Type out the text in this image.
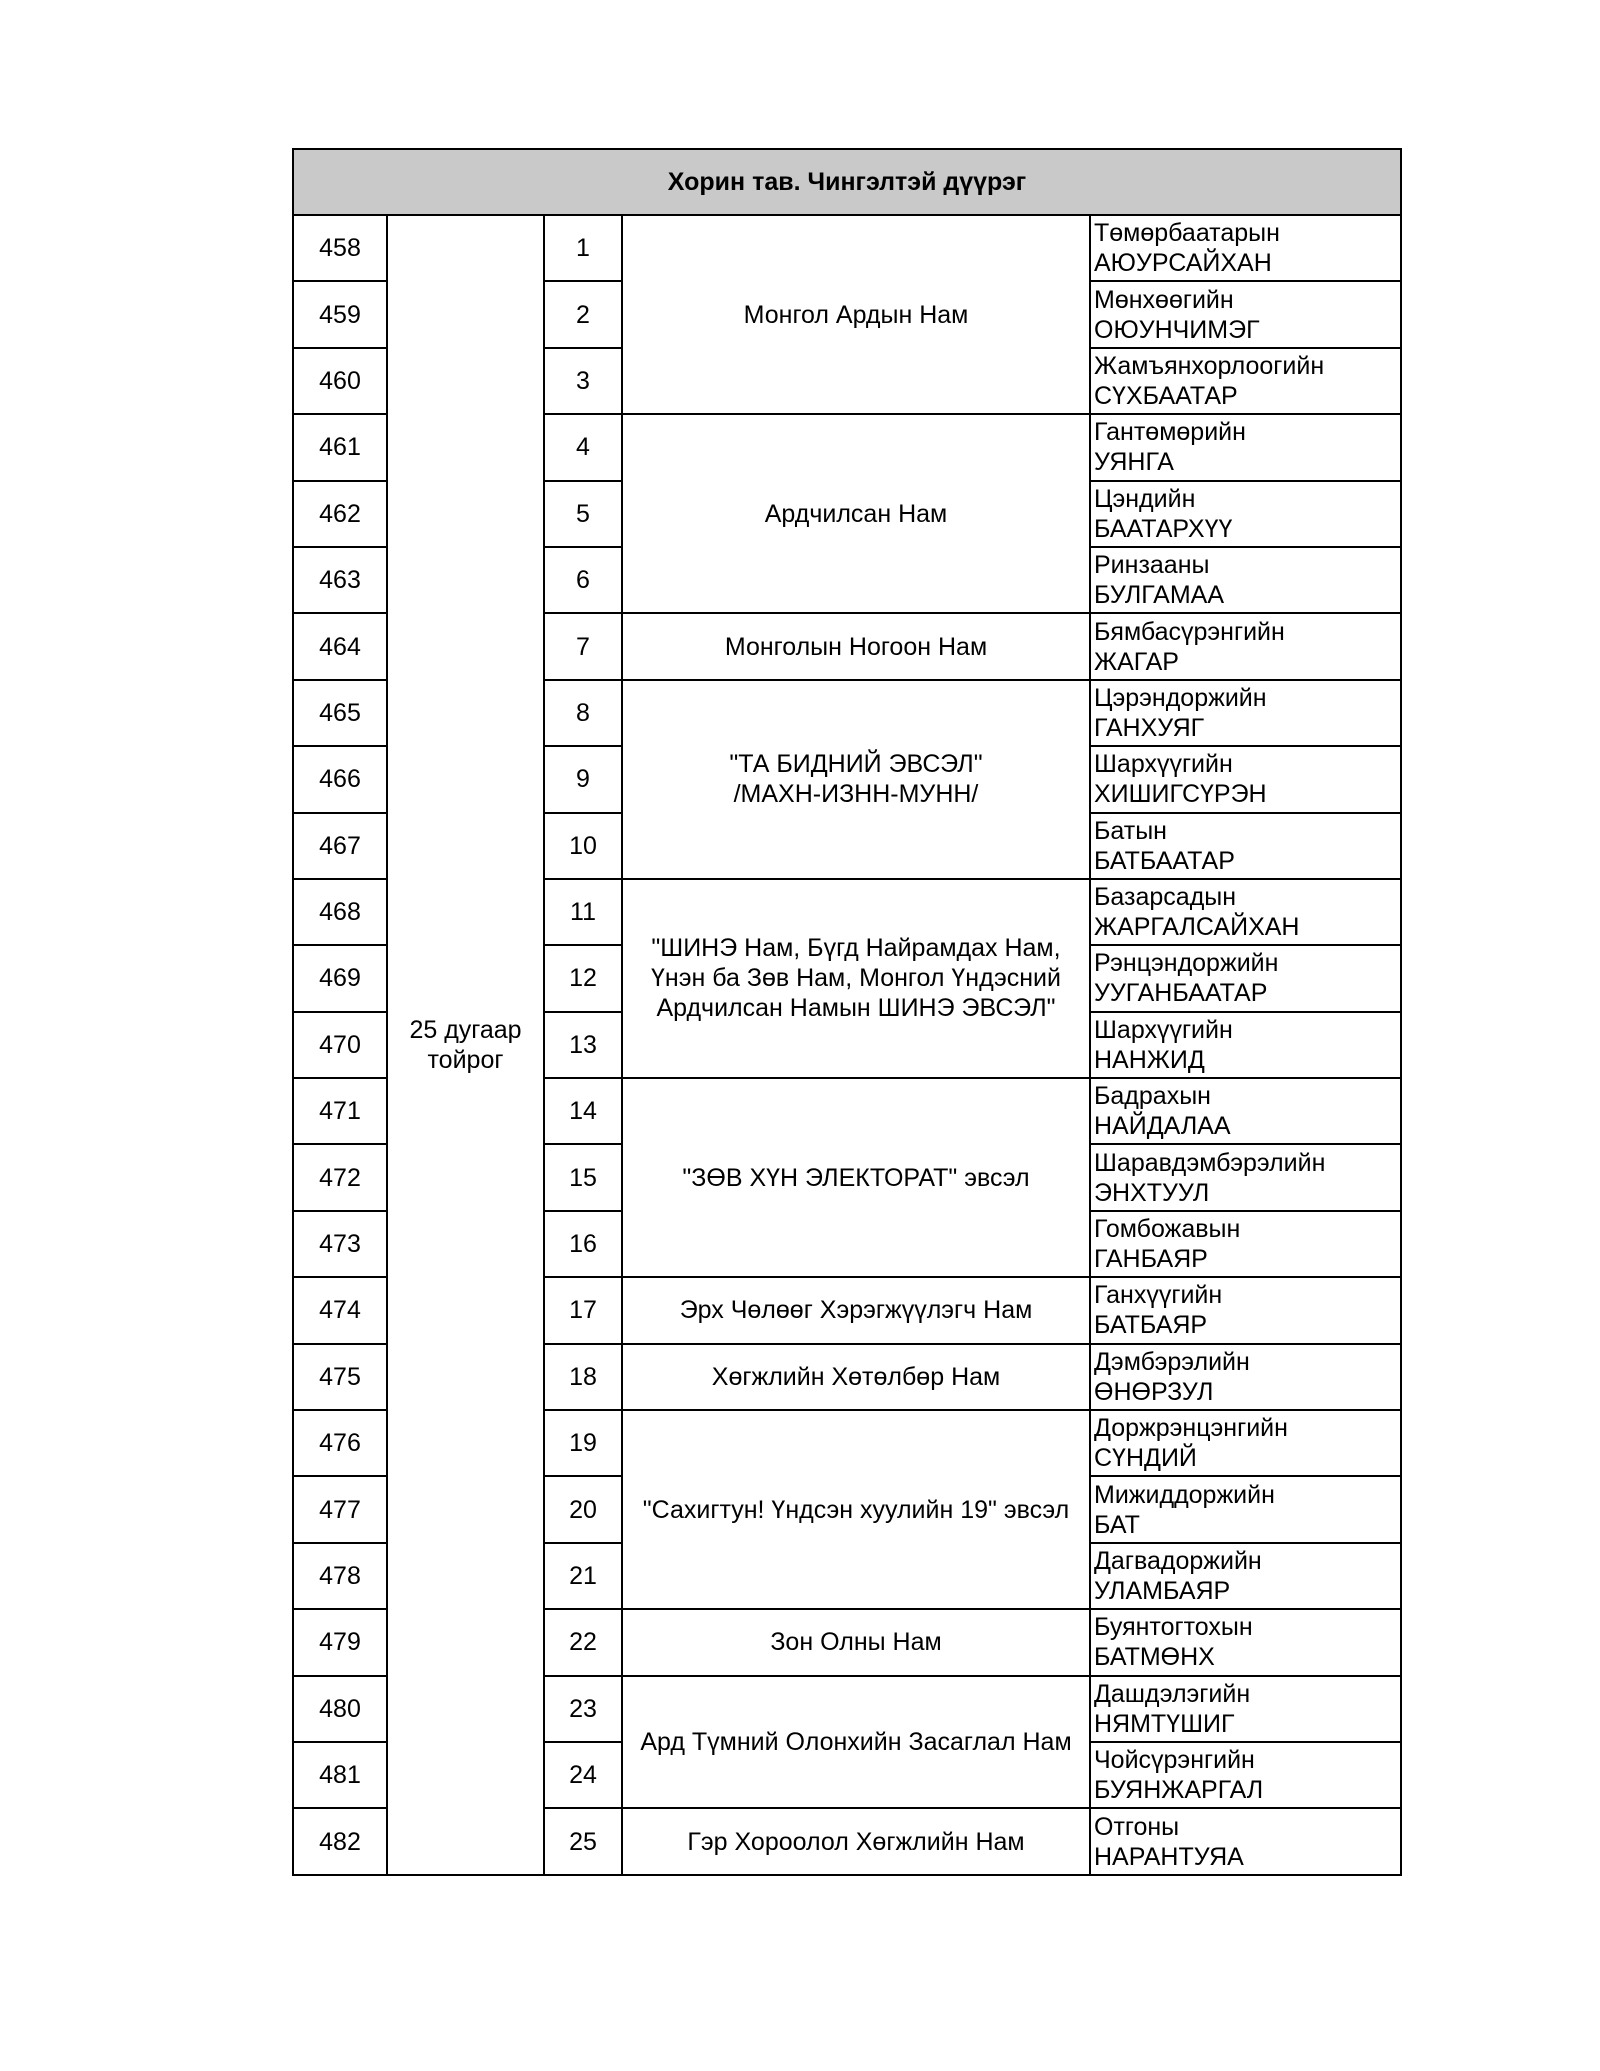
Хорин тав. Чингэлтэй дүүрэг				
458	25 дугаар
тойрог	1	Монгол Ардын Нам	Төмөрбаатарын
АЮУРСАЙХАН

459		2		Мөнхөөгийн
ОЮУНЧИМЭГ

460		3		Жамъянхорлоогийн
СҮХБААТАР

461		4	Ардчилсан Нам	Гантөмөрийн
УЯНГА

462		5		Цэндийн
БААТАРХҮҮ

463		6		Ринзааны
БУЛГАМАА

464		7	Монголын Ногоон Нам	Бямбасүрэнгийн
ЖАГАР

465		8	"ТА БИДНИЙ ЭВСЭЛ"
/МАХН-ИЗНН-МУНН/	Цэрэндоржийн
ГАНХУЯГ

466		9		Шархүүгийн
ХИШИГСҮРЭН

467		10		Батын
БАТБААТАР

468		11	"ШИНЭ Нам, Бүгд Найрамдах Нам,
Үнэн ба Зөв Нам, Монгол Үндэсний
Ардчилсан Намын ШИНЭ ЭВСЭЛ"	Базарсадын
ЖАРГАЛСАЙХАН

469		12		Рэнцэндоржийн
УУГАНБААТАР

470		13		Шархүүгийн
НАНЖИД

471		14	"ЗӨВ ХҮН ЭЛЕКТОРАТ" эвсэл	Бадрахын
НАЙДАЛАА

472		15		Шаравдэмбэрэлийн
ЭНХТУУЛ

473		16		Гомбожавын
ГАНБАЯР

474		17	Эрх Чөлөөг Хэрэгжүүлэгч Нам	Ганхүүгийн
БАТБАЯР

475		18	Хөгжлийн Хөтөлбөр Нам	Дэмбэрэлийн
ӨНӨРЗУЛ

476		19	"Сахигтун! Үндсэн хуулийн 19" эвсэл	Доржрэнцэнгийн
СҮНДИЙ

477		20		Мижиддоржийн
БАТ

478		21		Дагвадоржийн
УЛАМБАЯР

479		22	Зон Олны Нам	Буянтогтохын
БАТМӨНХ

480		23	Ард Түмний Олонхийн Засаглал Нам	Дашдэлэгийн
НЯМТҮШИГ

481		24		Чойсүрэнгийн
БУЯНЖАРГАЛ

482		25	Гэр Хороолол Хөгжлийн Нам	Отгоны
НАРАНТУЯА
